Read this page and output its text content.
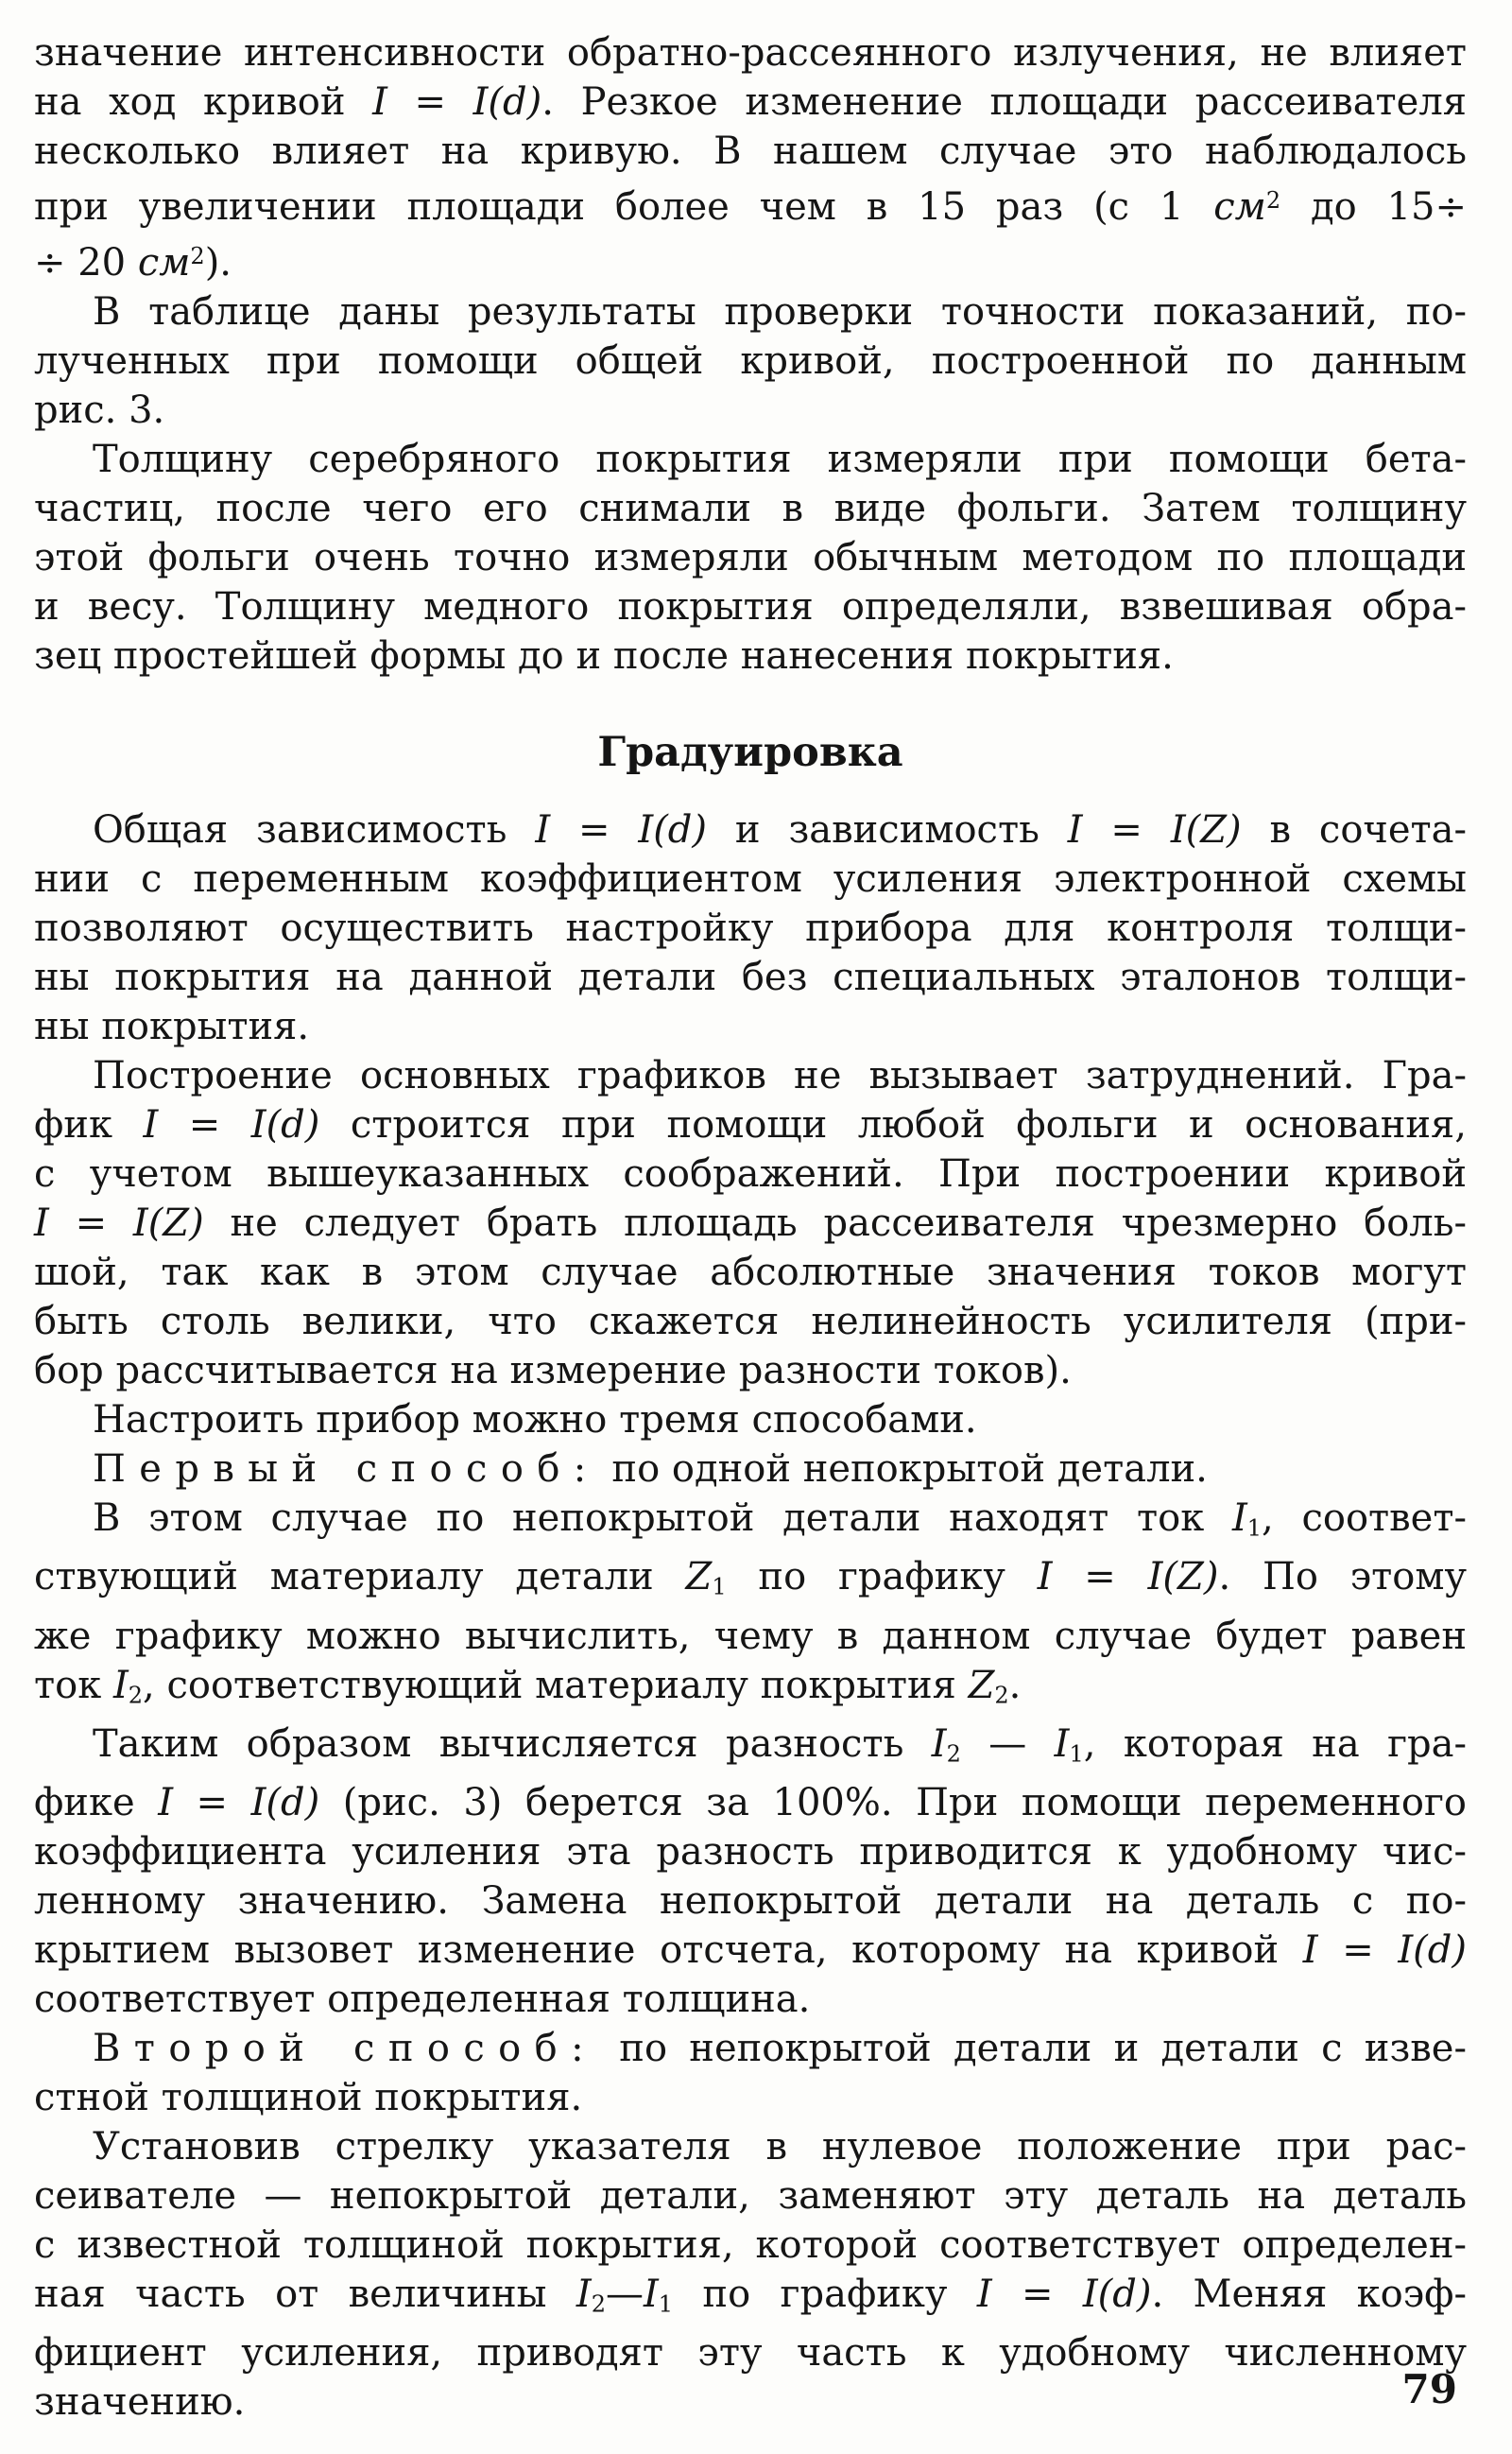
значение интенсивности обратно-рассеянного излучения, не влияет
на ход кривой I = I(d). Резкое изменение площади рассеивателя
несколько влияет на кривую. В нашем случае это наблюдалось
при увеличении площади более чем в 15 раз (с 1 $см^2$ до 15÷
÷ 20 $см^2$).
В таблице даны результаты проверки точности показаний, по-
лученных при помощи общей кривой, построенной по данным
рис. 3.
Толщину серебряного покрытия измеряли при помощи бета-
частиц, после чего его снимали в виде фольги. Затем толщину
этой фольги очень точно измеряли обычным методом по площади
и весу. Толщину медного покрытия определяли, взвешивая обра-
зец простейшей формы до и после нанесения покрытия.
Градуировка
Общая зависимость I = I(d) и зависимость I = I(Z) в сочета-
нии с переменным коэффициентом усиления электронной схемы
позволяют осуществить настройку прибора для контроля толщи-
ны покрытия на данной детали без специальных эталонов толщи-
ны покрытия.
Построение основных графиков не вызывает затруднений. Гра-
фик I = I(d) строится при помощи любой фольги и основания,
с учетом вышеуказанных соображений. При построении кривой
I = I(Z) не следует брать площадь рассеивателя чрезмерно боль-
шой, так как в этом случае абсолютные значения токов могут
быть столь велики, что скажется нелинейность усилителя (при-
бор рассчитывается на измерение разности токов).
Настроить прибор можно тремя способами.
Первый способ: по одной непокрытой детали.
В этом случае по непокрытой детали находят ток I1, соответ-
ствующий материалу детали Z1 по графику I = I(Z). По этому
же графику можно вычислить, чему в данном случае будет равен
ток I2, соответствующий материалу покрытия Z2.
Таким образом вычисляется разность I2 — I1, которая на гра-
фике I = I(d) (рис. 3) берется за 100%. При помощи переменного
коэффициента усиления эта разность приводится к удобному чис-
ленному значению. Замена непокрытой детали на деталь с по-
крытием вызовет изменение отсчета, которому на кривой I = I(d)
соответствует определенная толщина.
Второй способ: по непокрытой детали и детали с изве-
стной толщиной покрытия.
Установив стрелку указателя в нулевое положение при рас-
сеивателе — непокрытой детали, заменяют эту деталь на деталь
с известной толщиной покрытия, которой соответствует определен-
ная часть от величины I2—I1 по графику I = I(d). Меняя коэф-
фициент усиления, приводят эту часть к удобному численному
значению.	79
